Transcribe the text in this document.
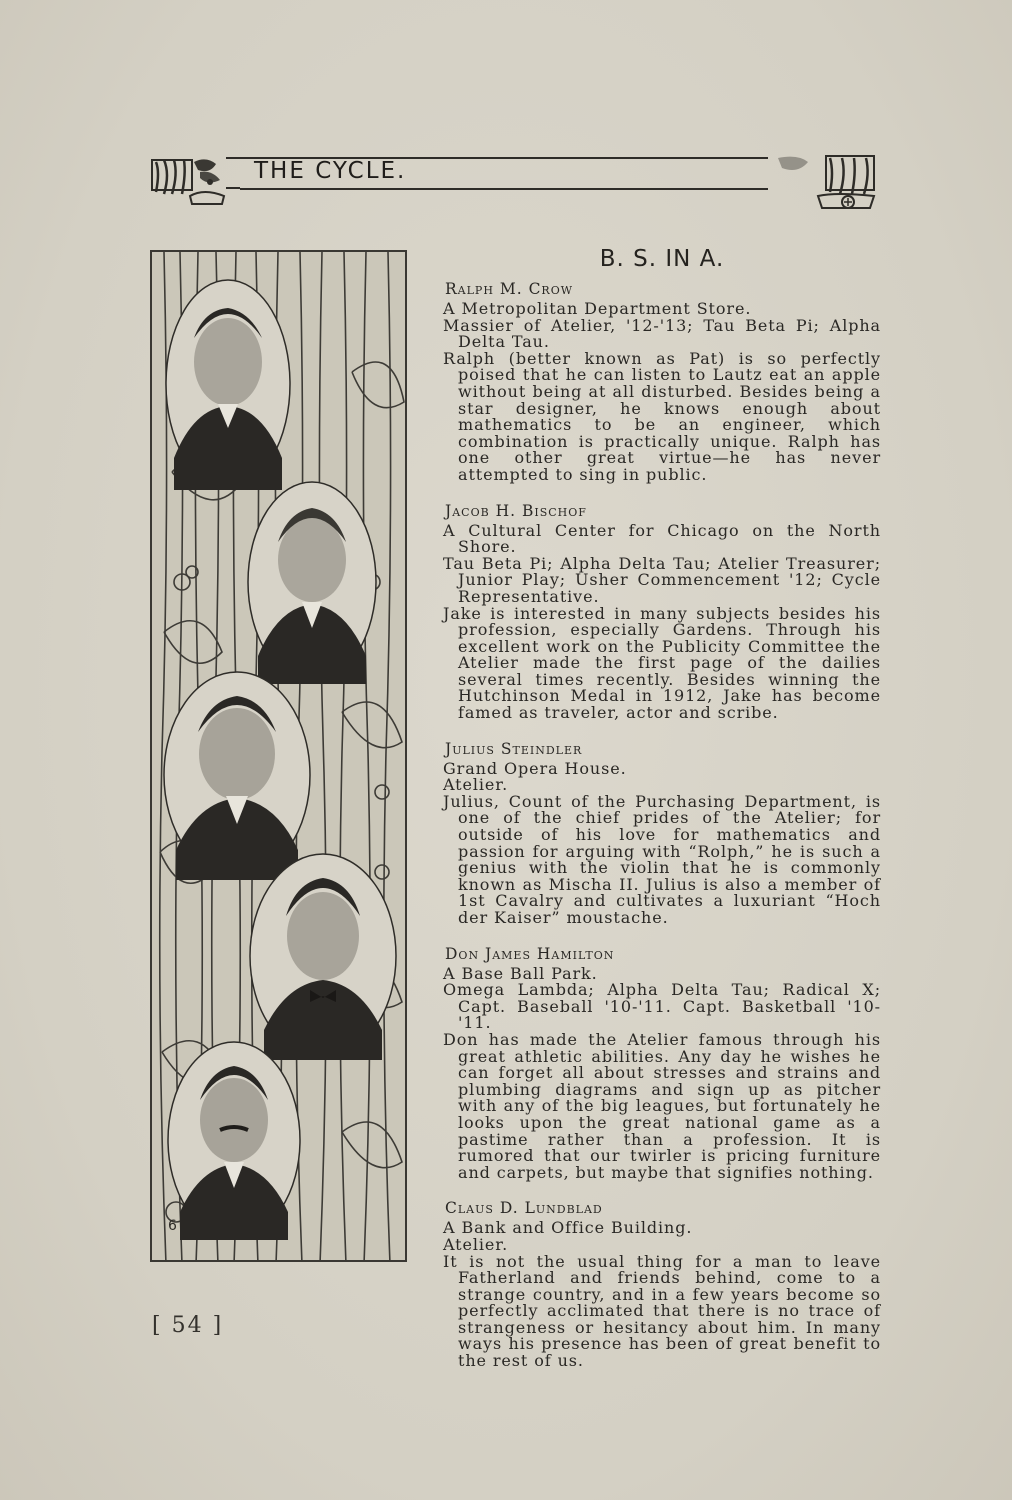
THE CYCLE.
6
B. S. IN A.
Ralph M. Crow

A Metropolitan Department Store.

Massier of Atelier, '12-'13; Tau Beta Pi; Alpha Delta Tau.

Ralph (better known as Pat) is so perfectly poised that he can listen to Lautz eat an apple without being at all disturbed. Besides being a star designer, he knows enough about mathematics to be an engineer, which combination is practically unique. Ralph has one other great virtue—he has never attempted to sing in public.

Jacob H. Bischof

A Cultural Center for Chicago on the North Shore.

Tau Beta Pi; Alpha Delta Tau; Atelier Treasurer; Junior Play; Usher Commencement '12; Cycle Representative.

Jake is interested in many subjects besides his profession, especially Gardens. Through his excellent work on the Publicity Committee the Atelier made the first page of the dailies several times recently. Besides winning the Hutchinson Medal in 1912, Jake has become famed as traveler, actor and scribe.

Julius Steindler

Grand Opera House.

Atelier.

Julius, Count of the Purchasing Department, is one of the chief prides of the Atelier; for outside of his love for mathematics and passion for arguing with “Rolph,” he is such a genius with the violin that he is commonly known as Mischa II. Julius is also a member of 1st Cavalry and cultivates a luxuriant “Hoch der Kaiser” moustache.

Don James Hamilton

A Base Ball Park.

Omega Lambda; Alpha Delta Tau; Radical X; Capt. Baseball '10-'11. Capt. Basketball '10-'11.

Don has made the Atelier famous through his great athletic abilities. Any day he wishes he can forget all about stresses and strains and plumbing diagrams and sign up as pitcher with any of the big leagues, but fortunately he looks upon the great national game as a pastime rather than a profession. It is rumored that our twirler is pricing furniture and carpets, but maybe that signifies nothing.

Claus D. Lundblad

A Bank and Office Building.

Atelier.

It is not the usual thing for a man to leave Fatherland and friends behind, come to a strange country, and in a few years become so perfectly acclimated that there is no trace of strangeness or hesitancy about him. In many ways his presence has been of great benefit to the rest of us.

[ 54 ]
